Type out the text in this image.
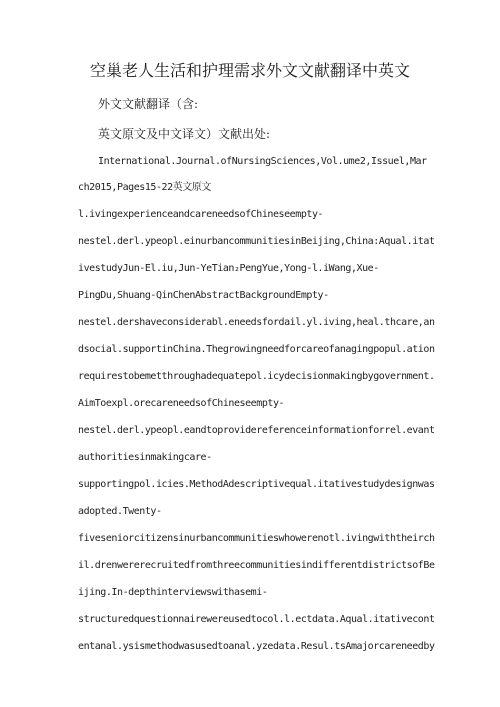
空巢老人生活和护理需求外文文献翻译中英文
外文文献翻译（含:
英文原文及中文译文）文献出处:
International.Journal.ofNursingSciences,Vol.ume2,Issuel,Mar
ch2015,Pages15-22英文原文
l.ivingexperienceandcareneedsofChineseempty-
nestel.derl.ypeopl.einurbancommunitiesinBeijing,China:Aqual.itat
ivestudyJun-El.iu,Jun-YeTian₂PengYue,Yong-l.iWang,Xue-
PingDu,Shuang-QinChenAbstractBackgroundEmpty-
nestel.dershaveconsiderabl.eneedsfordail.yl.iving,heal.thcare,an
dsocial.supportinChina.Thegrowingneedforcareofanagingpopul.ation
requirestobemetthroughadequatepol.icydecisionmakingbygovernment.
AimToexpl.orecareneedsofChineseempty-
nestel.derl.ypeopl.eandtoprovidereferenceinformationforrel.evant
authoritiesinmakingcare-
supportingpol.icies.MethodAdescriptivequal.itativestudydesignwas
adopted.Twenty-
fiveseniorcitizensinurbancommunitieswhowerenotl.ivingwiththeirch
il.drenwererecruitedfromthreecommunitiesindifferentdistrictsofBe
ijing.In-depthinterviewswithasemi-
structuredquestionnairewereusedtocol.l.ectdata.Aqual.itativecont
entanal.ysismethodwasusedtoanal.yzedata.Resul.tsAmajorcareneedby
